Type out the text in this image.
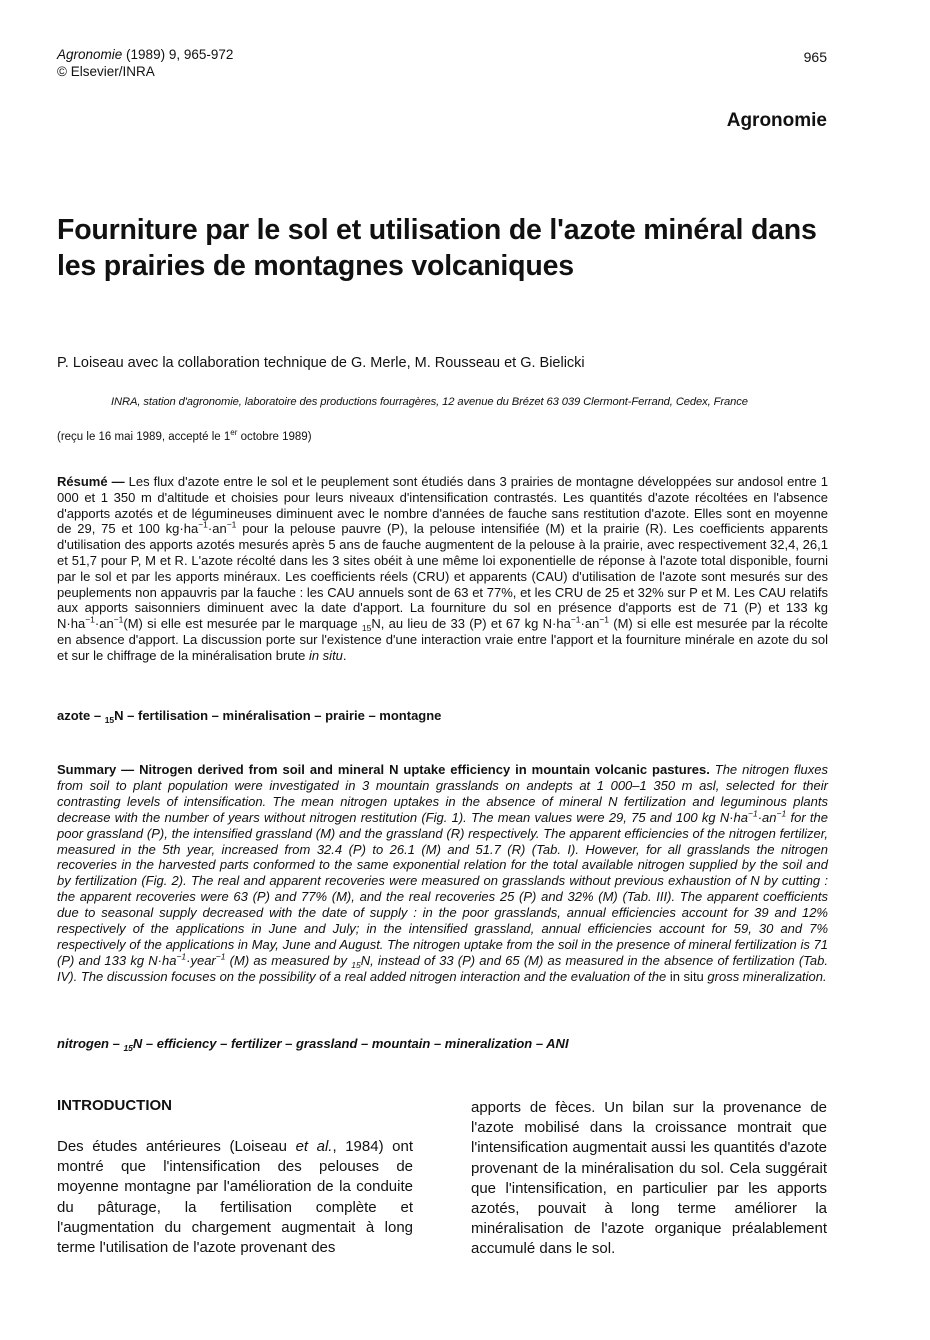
Agronomie (1989) 9, 965-972
© Elsevier/INRA
965
Agronomie
Fourniture par le sol et utilisation de l'azote minéral dans les prairies de montagnes volcaniques
P. Loiseau avec la collaboration technique de G. Merle, M. Rousseau et G. Bielicki
INRA, station d'agronomie, laboratoire des productions fourragères, 12 avenue du Brézet 63 039 Clermont-Ferrand, Cedex, France
(reçu le 16 mai 1989, accepté le 1er octobre 1989)

Résumé — Les flux d'azote entre le sol et le peuplement sont étudiés dans 3 prairies de montagne développées sur andosol entre 1 000 et 1 350 m d'altitude et choisies pour leurs niveaux d'intensification contrastés. Les quantités d'azote récoltées en l'absence d'apports azotés et de légumineuses diminuent avec le nombre d'années de fauche sans restitution d'azote. Elles sont en moyenne de 29, 75 et 100 $kg\cdot ha^{-1}\cdot an^{-1}$ pour la pelouse pauvre (P), la pelouse intensifiée (M) et la prairie (R). Les coefficients apparents d'utilisation des apports azotés mesurés après 5 ans de fauche augmentent de la pelouse à la prairie, avec respectivement 32,4, 26,1 et 51,7 pour P, M et R. L'azote récolté dans les 3 sites obéit à une même loi exponentielle de réponse à l'azote total disponible, fourni par le sol et par les apports minéraux. Les coefficients réels (CRU) et apparents (CAU) d'utilisation de l'azote sont mesurés sur des peuplements non appauvris par la fauche : les CAU annuels sont de 63 et 77%, et les CRU de 25 et 32% sur P et M. Les CAU relatifs aux apports saisonniers diminuent avec la date d'apport. La fourniture du sol en présence d'apports est de 71 (P) et 133 kg $N\cdot ha^{-1}\cdot an^{-1}(M)$ si elle est mesurée par le marquage $_{15}$N, au lieu de 33 (P) et 67 kg $N\cdot ha^{-1}\cdot an^{-1}$ (M) si elle est mesurée par la récolte en absence d'apport. La discussion porte sur l'existence d'une interaction vraie entre l'apport et la fourniture minérale en azote du sol et sur le chiffrage de la minéralisation brute in situ.

azote – $_{15}$N – fertilisation – minéralisation – prairie – montagne

Summary — Nitrogen derived from soil and mineral N uptake efficiency in mountain volcanic pastures. The nitrogen fluxes from soil to plant population were investigated in 3 mountain grasslands on andepts at 1 000–1 350 m asl, selected for their contrasting levels of intensification. The mean nitrogen uptakes in the absence of mineral N fertilization and leguminous plants decrease with the number of years without nitrogen restitution (Fig. 1). The mean values were 29, 75 and 100 kg $N\cdot ha^{-1}\cdot an^{-1}$ for the poor grassland (P), the intensified grassland (M) and the grassland (R) respectively. The apparent efficiencies of the nitrogen fertilizer, measured in the 5th year, increased from 32.4 (P) to 26.1 (M) and 51.7 (R) (Tab. I). However, for all grasslands the nitrogen recoveries in the harvested parts conformed to the same exponential relation for the total available nitrogen supplied by the soil and by fertilization (Fig. 2). The real and apparent recoveries were measured on grasslands without previous exhaustion of N by cutting : the apparent recoveries were 63 (P) and 77% (M), and the real recoveries 25 (P) and 32% (M) (Tab. III). The apparent coefficients due to seasonal supply decreased with the date of supply : in the poor grasslands, annual efficiencies account for 39 and 12% respectively of the applications in June and July; in the intensified grassland, annual efficiencies account for 59, 30 and 7% respectively of the applications in May, June and August. The nitrogen uptake from the soil in the presence of mineral fertilization is 71 (P) and 133 kg $N\cdot ha^{-1}\cdot year^{-1}$ (M) as measured by $_{15}$N, instead of 33 (P) and 65 (M) as measured in the absence of fertilization (Tab. IV). The discussion focuses on the possibility of a real added nitrogen interaction and the evaluation of the in situ gross mineralization.

nitrogen – $_{15}$N – efficiency – fertilizer – grassland – mountain – mineralization – ANI
INTRODUCTION

Des études antérieures (Loiseau et al., 1984) ont montré que l'intensification des pelouses de moyenne montagne par l'amélioration de la conduite du pâturage, la fertilisation complète et l'augmentation du chargement augmentait à long terme l'utilisation de l'azote provenant des

apports de fèces. Un bilan sur la provenance de l'azote mobilisé dans la croissance montrait que l'intensification augmentait aussi les quantités d'azote provenant de la minéralisation du sol. Cela suggérait que l'intensification, en particulier par les apports azotés, pouvait à long terme améliorer la minéralisation de l'azote organique préalablement accumulé dans le sol.
